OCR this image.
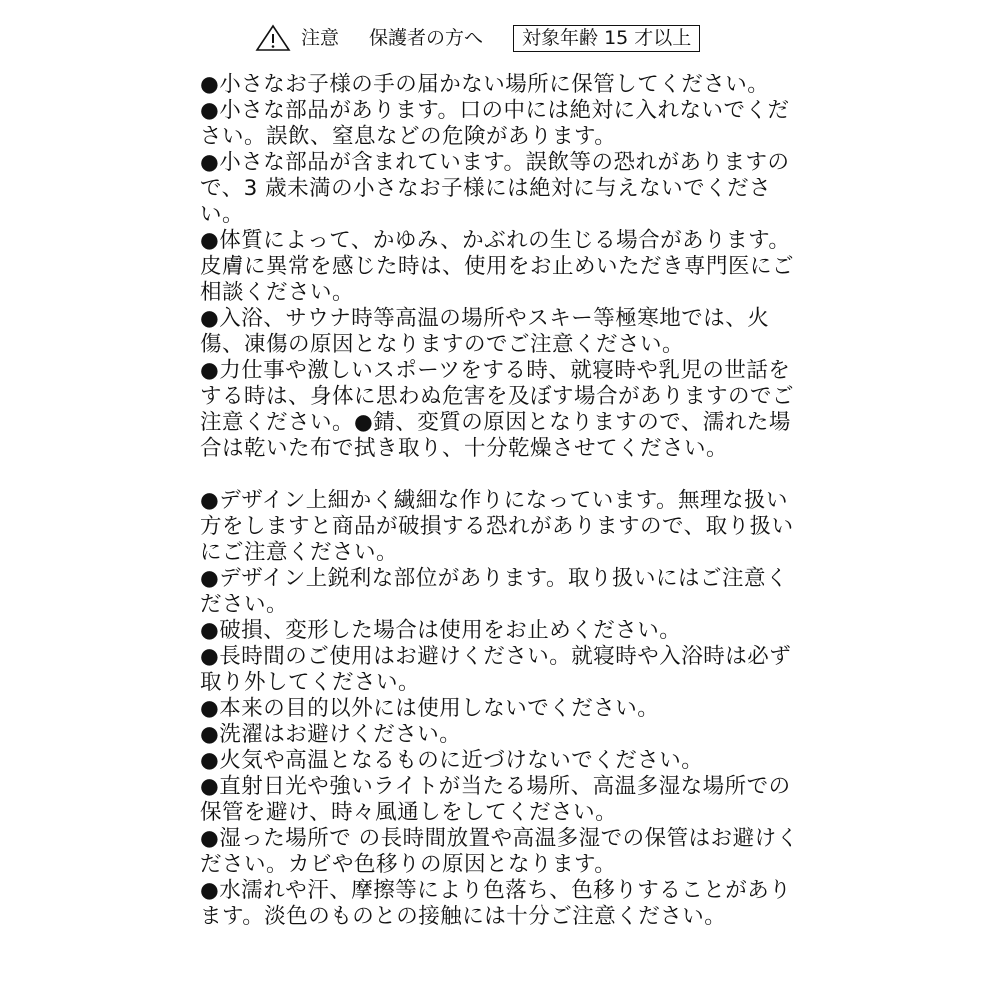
注意 保護者の方へ	対象年齢 15 才以上

●小さなお子様の手の届かない場所に保管してください。

●小さな部品があります。口の中には絶対に入れないでください。誤飲、窒息などの危険があります。

●小さな部品が含まれています。誤飲等の恐れがありますので、3 歳未満の小さなお子様には絶対に与えないでください。

●体質によって、かゆみ、かぶれの生じる場合があります。皮膚に異常を感じた時は、使用をお止めいただき専門医にご相談ください。

●入浴、サウナ時等高温の場所やスキー等極寒地では、火傷、凍傷の原因となりますのでご注意ください。

●力仕事や激しいスポーツをする時、就寝時や乳児の世話をする時は、身体に思わぬ危害を及ぼす場合がありますのでご注意ください。●錆、変質の原因となりますので、濡れた場合は乾いた布で拭き取り、十分乾燥させてください。

●デザイン上細かく繊細な作りになっています。無理な扱い方をしますと商品が破損する恐れがありますので、取り扱いにご注意ください。

●デザイン上鋭利な部位があります。取り扱いにはご注意ください。

●破損、変形した場合は使用をお止めください。

●長時間のご使用はお避けください。就寝時や入浴時は必ず取り外してください。

●本来の目的以外には使用しないでください。

●洗濯はお避けください。

●火気や高温となるものに近づけないでください。

●直射日光や強いライトが当たる場所、高温多湿な場所での保管を避け、時々風通しをしてください。

●湿った場所で の長時間放置や高温多湿での保管はお避けください。カビや色移りの原因となります。

●水濡れや汗、摩擦等により色落ち、色移りすることがあります。淡色のものとの接触には十分ご注意ください。
